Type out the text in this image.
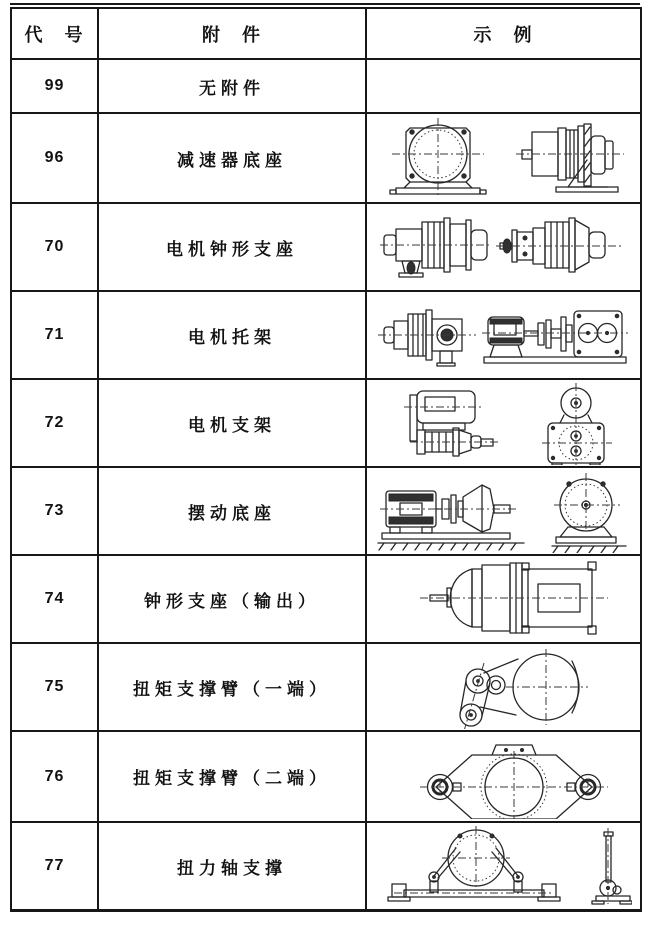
代　号	附　件	示　例
99	无附件	
96	减速器底座	

70	电机钟形支座	

71	电机托架	

72	电机支架	

73	摆动底座	

74	钟形支座（输出）	

75	扭矩支撑臂（一端）	

76	扭矩支撑臂（二端）	

77	扭力轴支撑	
